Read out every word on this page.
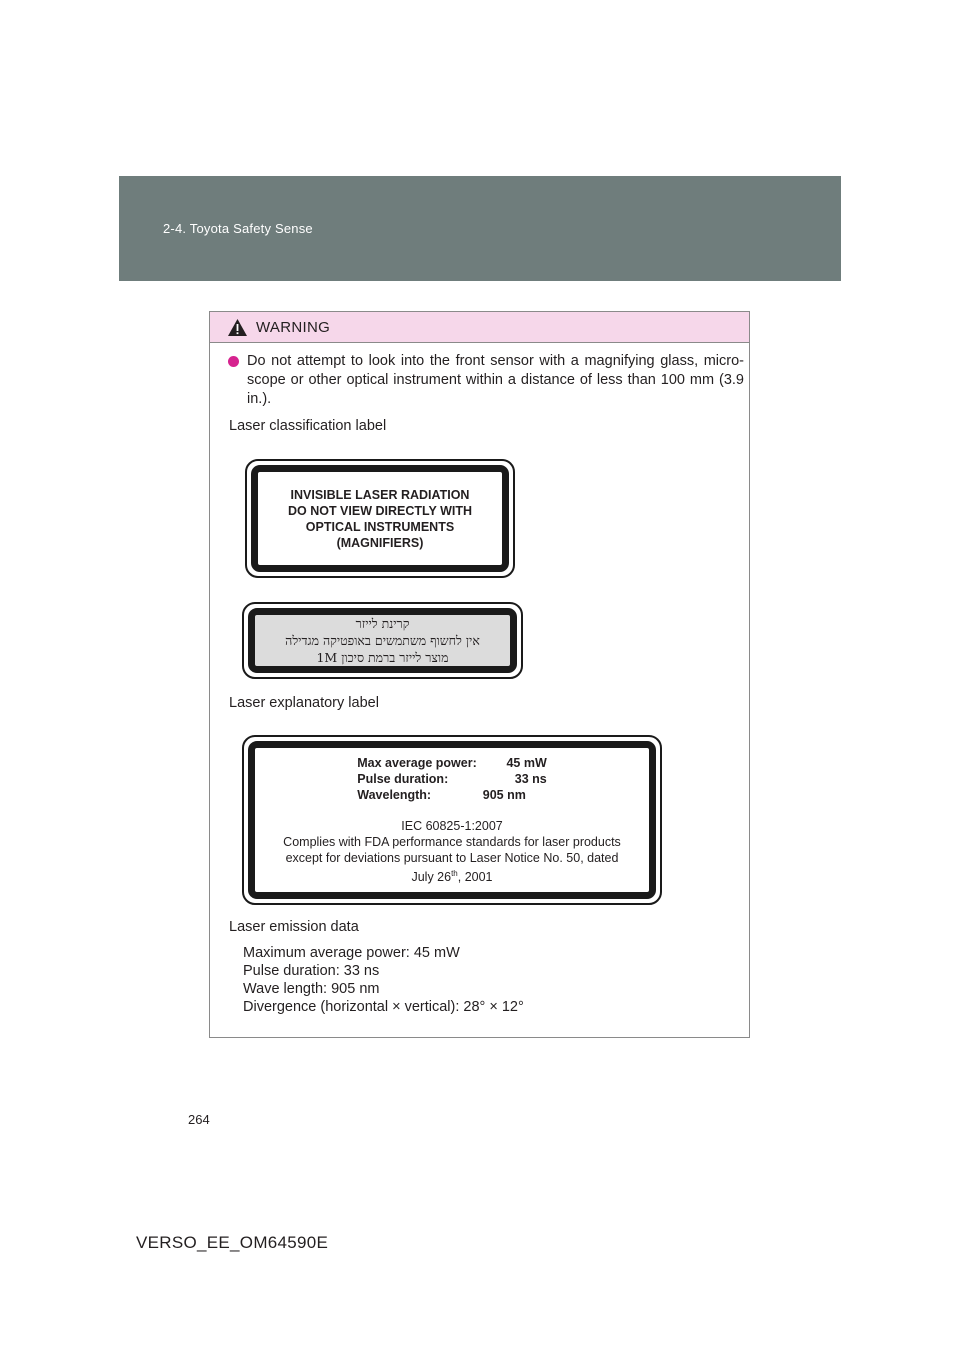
2-4. Toyota Safety Sense
WARNING
Do not attempt to look into the front sensor with a magnifying glass, micro-scope or other optical instrument within a distance of less than 100 mm (3.9 in.).
Laser classification label
INVISIBLE LASER RADIATION
DO NOT VIEW DIRECTLY WITH
OPTICAL INSTRUMENTS
(MAGNIFIERS)
קרינת לייזר
אין לחשוף משתמשים באופטיקה מגדילה
מוצר לייזר ברמת סיכון 1M
Laser explanatory label
Max average power:	45 mW
Pulse duration:	33 ns
Wavelength:	905 nm
IEC 60825-1:2007
Complies with FDA performance standards for laser products
except for deviations pursuant to Laser Notice No. 50, dated
July 26th, 2001
Laser emission data
Maximum average power: 45 mW
Pulse duration: 33 ns
Wave length: 905 nm
Divergence (horizontal × vertical): 28° × 12°
264
VERSO_EE_OM64590E
